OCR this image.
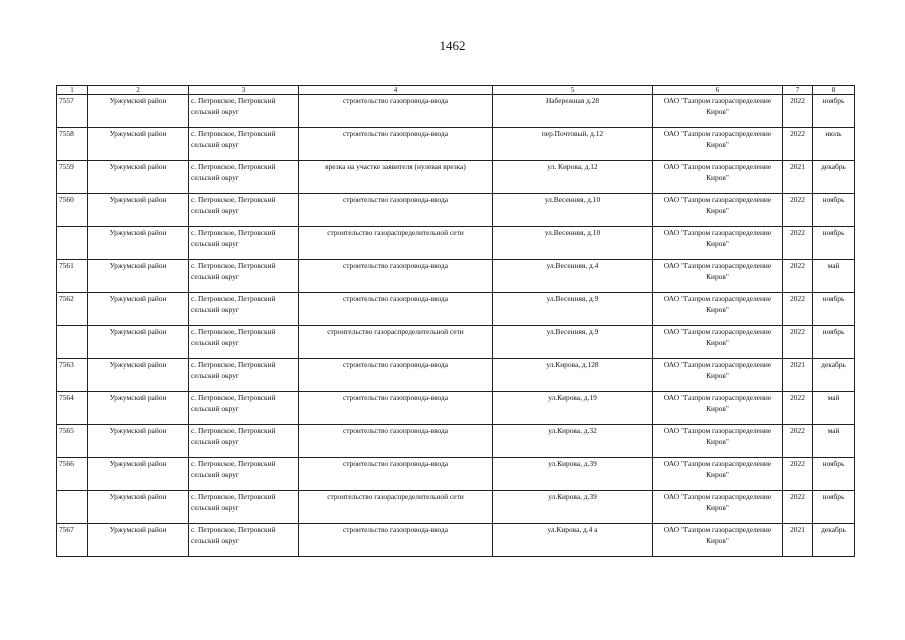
1462
1	2	3	4	5	6	7	8
7557	Уржумский район	с. Петровское, Петровский сельский округ	строительство газопровода-ввода	Набережная д.28	ОАО "Газпром газораспределение Киров"	2022	ноябрь
7558	Уржумский район	с. Петровское, Петровский сельский округ	строительство газопровода-ввода	пер.Почтовый, д.12	ОАО "Газпром газораспределение Киров"	2022	июль
7559	Уржумский район	с. Петровское, Петровский сельский округ	врезка на участке заявителя (нулевая врезка)	ул. Кирова, д.12	ОАО "Газпром газораспределение Киров"	2021	декабрь
7560	Уржумский район	с. Петровское, Петровский сельский округ	строительство газопровода-ввода	ул.Весенняя, д.10	ОАО "Газпром газораспределение Киров"	2022	ноябрь
	Уржумский район	с. Петровское, Петровский сельский округ	строительство газораспределительной сети	ул.Весенняя, д.10	ОАО "Газпром газораспределение Киров"	2022	ноябрь
7561	Уржумский район	с. Петровское, Петровский сельский округ	строительство газопровода-ввода	ул.Весенняя, д.4	ОАО "Газпром газораспределение Киров"	2022	май
7562	Уржумский район	с. Петровское, Петровский сельский округ	строительство газопровода-ввода	ул.Весенняя, д.9	ОАО "Газпром газораспределение Киров"	2022	ноябрь
	Уржумский район	с. Петровское, Петровский сельский округ	строительство газораспределительной сети	ул.Весенняя, д.9	ОАО "Газпром газораспределение Киров"	2022	ноябрь
7563	Уржумский район	с. Петровское, Петровский сельский округ	строительство газопровода-ввода	ул.Кирова, д.128	ОАО "Газпром газораспределение Киров"	2021	декабрь
7564	Уржумский район	с. Петровское, Петровский сельский округ	строительство газопровода-ввода	ул.Кирова, д.19	ОАО "Газпром газораспределение Киров"	2022	май
7565	Уржумский район	с. Петровское, Петровский сельский округ	строительство газопровода-ввода	ул.Кирова, д.32	ОАО "Газпром газораспределение Киров"	2022	май
7566	Уржумский район	с. Петровское, Петровский сельский округ	строительство газопровода-ввода	ул.Кирова, д.39	ОАО "Газпром газораспределение Киров"	2022	ноябрь
	Уржумский район	с. Петровское, Петровский сельский округ	строительство газораспределительной сети	ул.Кирова, д.39	ОАО "Газпром газораспределение Киров"	2022	ноябрь
7567	Уржумский район	с. Петровское, Петровский сельский округ	строительство газопровода-ввода	ул.Кирова, д.4 а	ОАО "Газпром газораспределение Киров"	2021	декабрь
